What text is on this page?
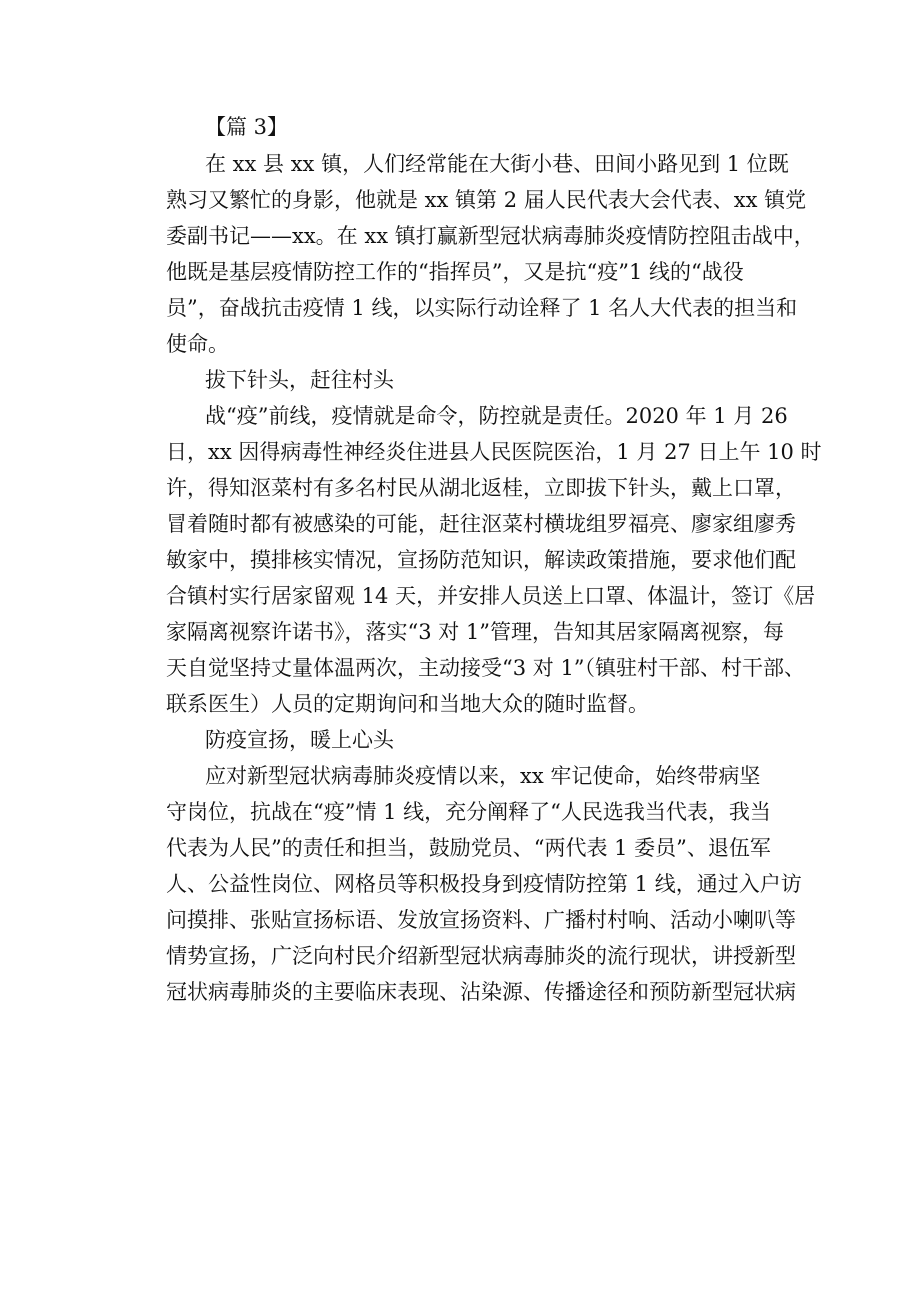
【篇 3】
在 xx 县 xx 镇，人们经常能在大街小巷、田间小路见到 1 位既
熟习又繁忙的身影，他就是 xx 镇第 2 届人民代表大会代表、xx 镇党
委副书记——xx。在 xx 镇打赢新型冠状病毒肺炎疫情防控阻击战中，
他既是基层疫情防控工作的“指挥员”，又是抗“疫”1 线的“战役
员”，奋战抗击疫情 1 线，以实际行动诠释了 1 名人大代表的担当和
使命。
拔下针头，赶往村头
战“疫”前线，疫情就是命令，防控就是责任。2020 年 1 月 26
日，xx 因得病毒性神经炎住进县人民医院医治，1 月 27 日上午 10 时
许，得知沤菜村有多名村民从湖北返桂，立即拔下针头，戴上口罩，
冒着随时都有被感染的可能，赶往沤菜村横垅组罗福亮、廖家组廖秀
敏家中，摸排核实情况，宣扬防范知识，解读政策措施，要求他们配
合镇村实行居家留观 14 天，并安排人员送上口罩、体温计，签订《居
家隔离视察许诺书》，落实“3 对 1”管理，告知其居家隔离视察，每
天自觉坚持丈量体温两次，主动接受“3 对 1”（镇驻村干部、村干部、
联系医生）人员的定期询问和当地大众的随时监督。
防疫宣扬，暖上心头
应对新型冠状病毒肺炎疫情以来，xx 牢记使命，始终带病坚
守岗位，抗战在“疫”情 1 线，充分阐释了“人民选我当代表，我当
代表为人民”的责任和担当，鼓励党员、“两代表 1 委员”、退伍军
人、公益性岗位、网格员等积极投身到疫情防控第 1 线，通过入户访
问摸排、张贴宣扬标语、发放宣扬资料、广播村村响、活动小喇叭等
情势宣扬，广泛向村民介绍新型冠状病毒肺炎的流行现状，讲授新型
冠状病毒肺炎的主要临床表现、沾染源、传播途径和预防新型冠状病
